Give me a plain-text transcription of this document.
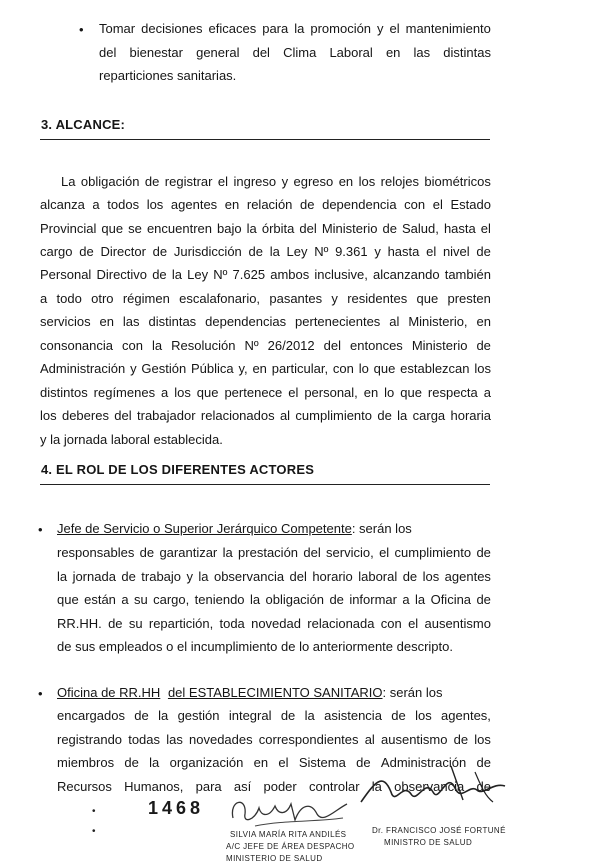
• Tomar decisiones eficaces para la promoción y el mantenimiento
del bienestar general del Clima Laboral en las distintas
reparticiones sanitarias.
3. ALCANCE:
La obligación de registrar el ingreso y egreso en los relojes biométricos
alcanza a todos los agentes en relación de dependencia con el Estado
Provincial que se encuentren bajo la órbita del Ministerio de Salud, hasta el
cargo de Director de Jurisdicción de la Ley Nº 9.361 y hasta el nivel de
Personal Directivo de la Ley Nº 7.625 ambos inclusive, alcanzando también
a todo otro régimen escalafonario, pasantes y residentes que presten
servicios en las distintas dependencias pertenecientes al Ministerio, en
consonancia con la Resolución Nº 26/2012 del entonces Ministerio de
Administración y Gestión Pública y, en particular, con lo que establezcan los
distintos regímenes a los que pertenece el personal, en lo que respecta a
los deberes del trabajador relacionados al cumplimiento de la carga horaria
y la jornada laboral establecida.
4. EL ROL DE LOS DIFERENTES ACTORES
• Jefe de Servicio o Superior Jerárquico Competente: serán los
responsables de garantizar la prestación del servicio, el cumplimiento de
la jornada de trabajo y la observancia del horario laboral de los agentes
que están a su cargo, teniendo la obligación de informar a la Oficina de
RR.HH. de su repartición, toda novedad relacionada con el ausentismo
de sus empleados o el incumplimiento de lo anteriormente descripto.
• Oficina de RR.HH del ESTABLECIMIENTO SANITARIO: serán los
encargados de la gestión integral de la asistencia de los agentes,
registrando todas las novedades correspondientes al ausentismo de los
miembros de la organización en el Sistema de Administración de
Recursos Humanos, para así poder controlar la observancia de
•
•
1468
SILVIA MARÍA RITA ANDILÉS
A/C JEFE DE ÁREA DESPACHO
MINISTERIO DE SALUD
Dr. FRANCISCO JOSÉ FORTUNÉ
MINISTRO DE SALUD
